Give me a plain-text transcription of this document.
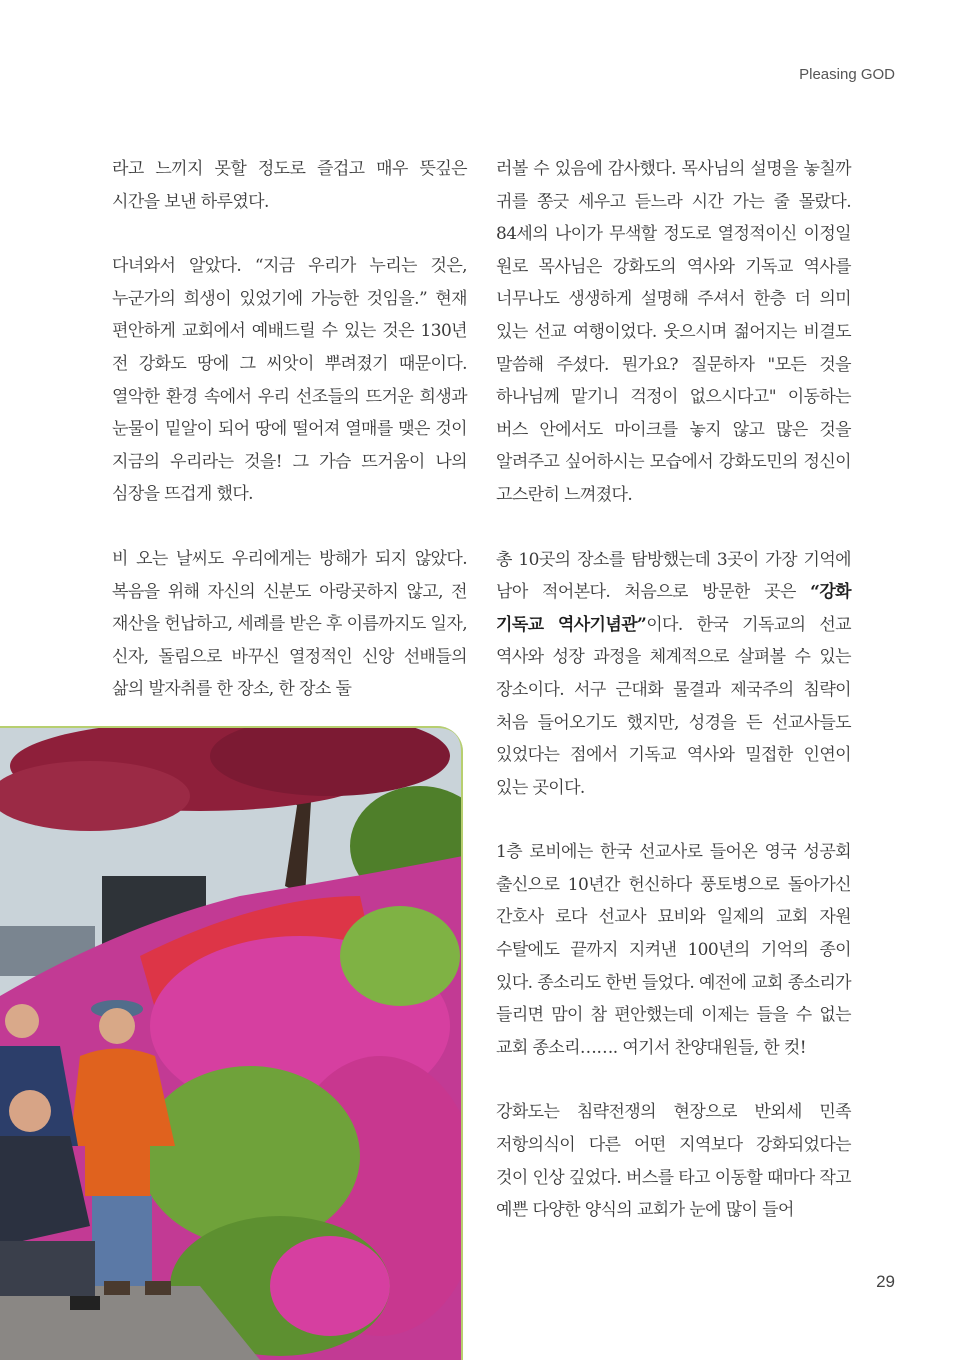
Pleasing GOD

라고 느끼지 못할 정도로 즐겁고 매우 뜻깊은 시간을 보낸 하루였다.

다녀와서 알았다. “지금 우리가 누리는 것은, 누군가의 희생이 있었기에 가능한 것임을.” 현재 편안하게 교회에서 예배드릴 수 있는 것은 130년 전 강화도 땅에 그 씨앗이 뿌려졌기 때문이다. 열악한 환경 속에서 우리 선조들의 뜨거운 희생과 눈물이 밑알이 되어 땅에 떨어져 열매를 맺은 것이 지금의 우리라는 것을! 그 가슴 뜨거움이 나의 심장을 뜨겁게 했다.

비 오는 날씨도 우리에게는 방해가 되지 않았다. 복음을 위해 자신의 신분도 아랑곳하지 않고, 전 재산을 헌납하고, 세례를 받은 후 이름까지도 일자, 신자, 돌림으로 바꾸신 열정적인 신앙 선배들의 삶의 발자취를 한 장소, 한 장소 둘

러볼 수 있음에 감사했다. 목사님의 설명을 놓칠까 귀를 쫑긋 세우고 듣느라 시간 가는 줄 몰랐다. 84세의 나이가 무색할 정도로 열정적이신 이정일 원로 목사님은 강화도의 역사와 기독교 역사를 너무나도 생생하게 설명해 주셔서 한층 더 의미 있는 선교 여행이었다. 웃으시며 젊어지는 비결도 말씀해 주셨다. 뭔가요? 질문하자 "모든 것을 하나님께 맡기니 걱정이 없으시다고" 이동하는 버스 안에서도 마이크를 놓지 않고 많은 것을 알려주고 싶어하시는 모습에서 강화도민의 정신이 고스란히 느껴졌다.

총 10곳의 장소를 탐방했는데 3곳이 가장 기억에 남아 적어본다. 처음으로 방문한 곳은 “강화 기독교 역사기념관”이다. 한국 기독교의 선교 역사와 성장 과정을 체계적으로 살펴볼 수 있는 장소이다. 서구 근대화 물결과 제국주의 침략이 처음 들어오기도 했지만, 성경을 든 선교사들도 있었다는 점에서 기독교 역사와 밀접한 인연이 있는 곳이다.

1층 로비에는 한국 선교사로 들어온 영국 성공회 출신으로 10년간 헌신하다 풍토병으로 돌아가신 간호사 로다 선교사 묘비와 일제의 교회 자원 수탈에도 끝까지 지켜낸 100년의 기억의 종이 있다. 종소리도 한번 들었다. 예전에 교회 종소리가 들리면 맘이 참 편안했는데 이제는 들을 수 없는 교회 종소리……. 여기서 찬양대원들, 한 컷!

강화도는 침략전쟁의 현장으로 반외세 민족 저항의식이 다른 어떤 지역보다 강화되었다는 것이 인상 깊었다. 버스를 타고 이동할 때마다 작고 예쁜 다양한 양식의 교회가 눈에 많이 들어

29
